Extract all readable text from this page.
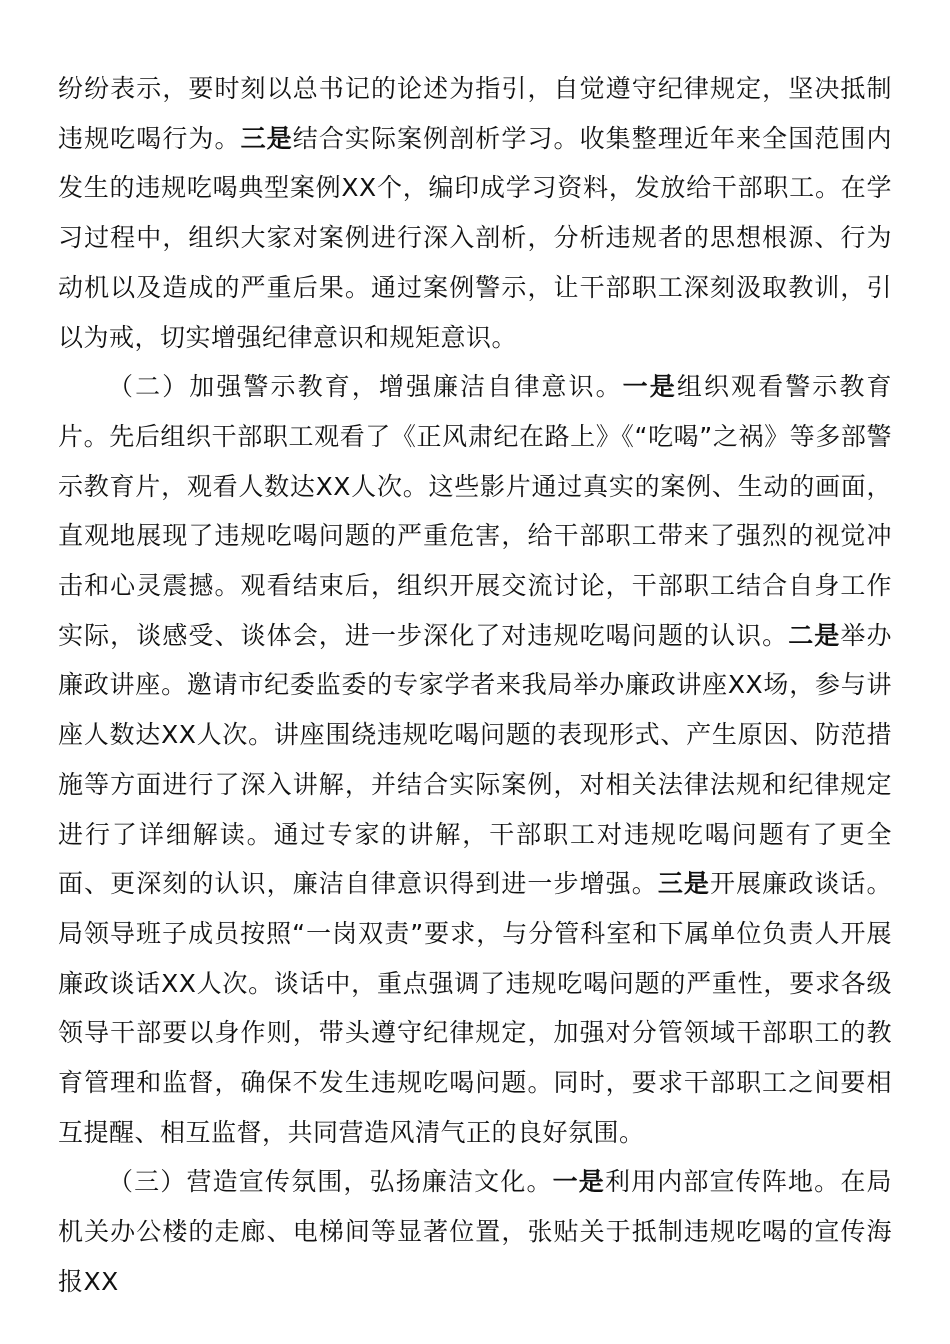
纷纷表示，要时刻以总书记的论述为指引，自觉遵守纪律规定，坚决抵制违规吃喝行为。三是结合实际案例剖析学习。收集整理近年来全国范围内发生的违规吃喝典型案例XX个，编印成学习资料，发放给干部职工。在学习过程中，组织大家对案例进行深入剖析，分析违规者的思想根源、行为动机以及造成的严重后果。通过案例警示，让干部职工深刻汲取教训，引以为戒，切实增强纪律意识和规矩意识。

（二）加强警示教育，增强廉洁自律意识。一是组织观看警示教育片。先后组织干部职工观看了《正风肃纪在路上》《“吃喝”之祸》等多部警示教育片，观看人数达XX人次。这些影片通过真实的案例、生动的画面，直观地展现了违规吃喝问题的严重危害，给干部职工带来了强烈的视觉冲击和心灵震撼。观看结束后，组织开展交流讨论，干部职工结合自身工作实际，谈感受、谈体会，进一步深化了对违规吃喝问题的认识。二是举办廉政讲座。邀请市纪委监委的专家学者来我局举办廉政讲座XX场，参与讲座人数达XX人次。讲座围绕违规吃喝问题的表现形式、产生原因、防范措施等方面进行了深入讲解，并结合实际案例，对相关法律法规和纪律规定进行了详细解读。通过专家的讲解，干部职工对违规吃喝问题有了更全面、更深刻的认识，廉洁自律意识得到进一步增强。三是开展廉政谈话。局领导班子成员按照“一岗双责”要求，与分管科室和下属单位负责人开展廉政谈话XX人次。谈话中，重点强调了违规吃喝问题的严重性，要求各级领导干部要以身作则，带头遵守纪律规定，加强对分管领域干部职工的教育管理和监督，确保不发生违规吃喝问题。同时，要求干部职工之间要相互提醒、相互监督，共同营造风清气正的良好氛围。

（三）营造宣传氛围，弘扬廉洁文化。一是利用内部宣传阵地。在局机关办公楼的走廊、电梯间等显著位置，张贴关于抵制违规吃喝的宣传海报XX
